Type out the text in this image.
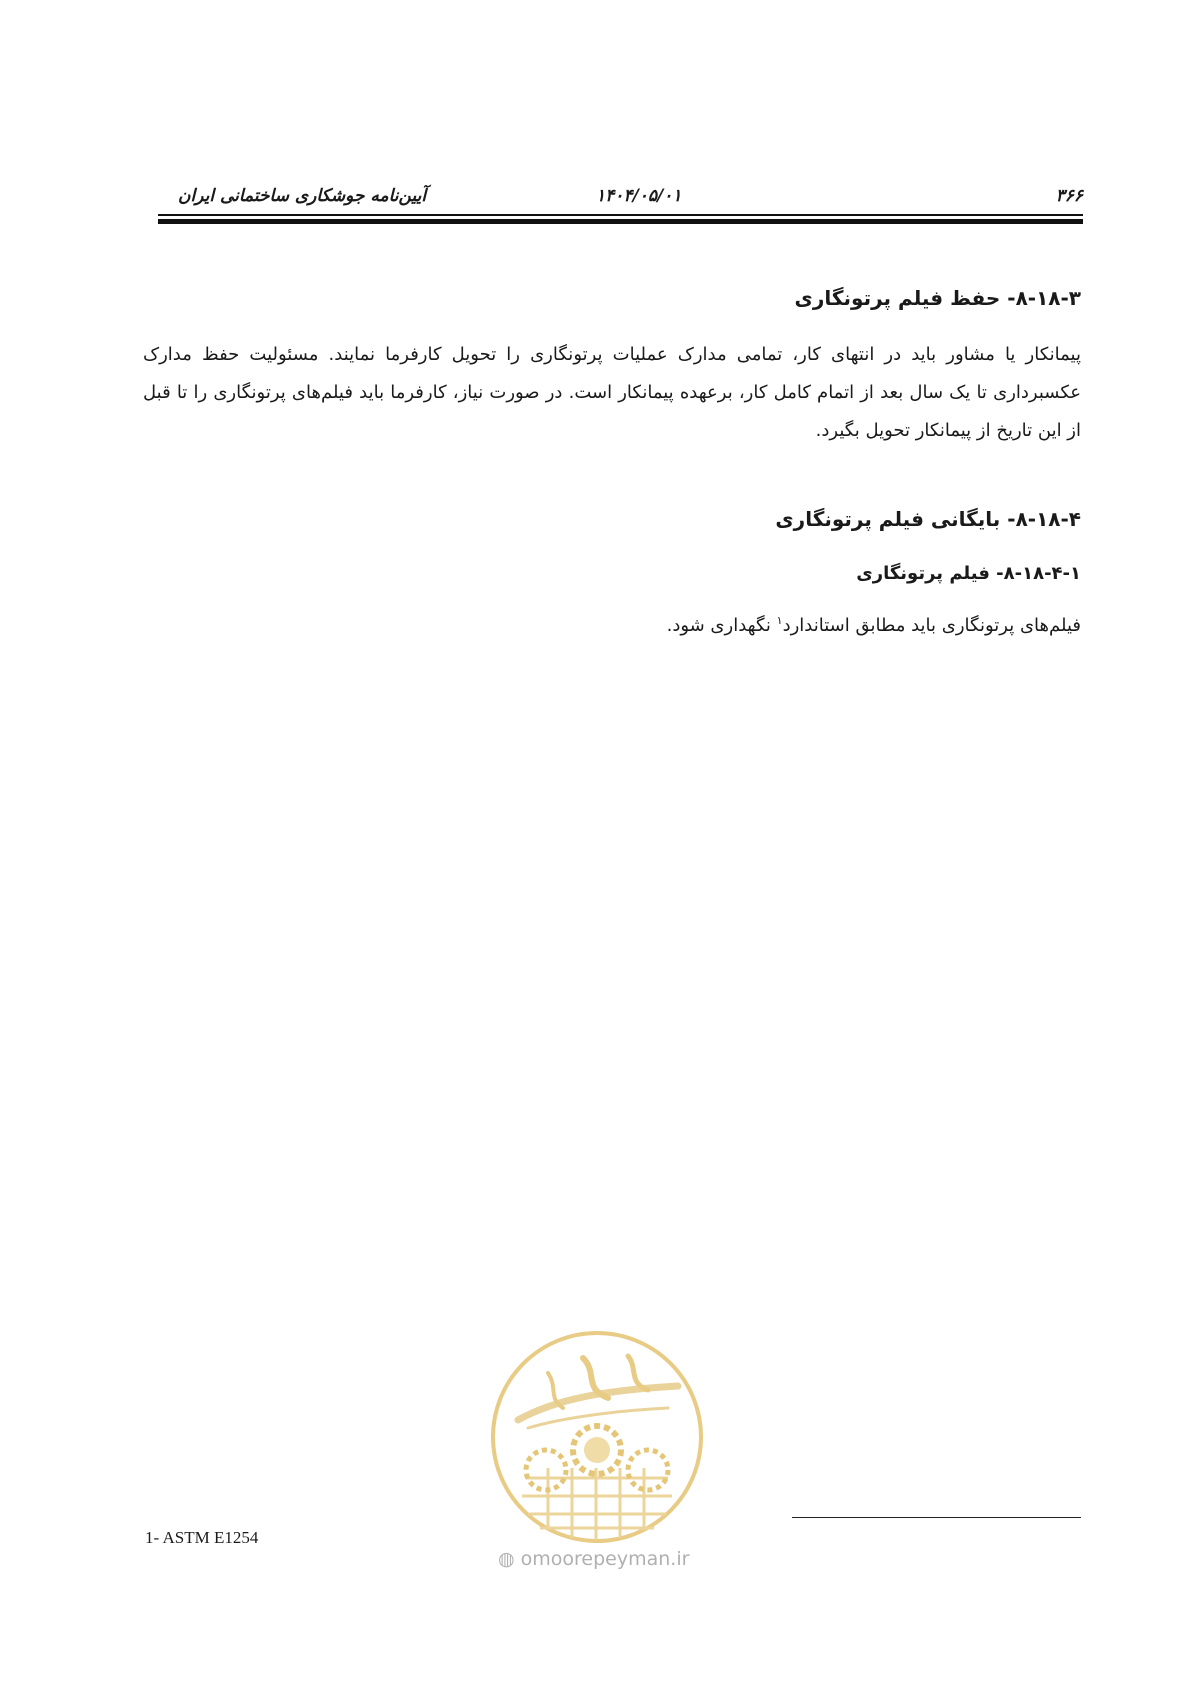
آیین‌نامه جوشکاری ساختمانی ایران	۱۴۰۴/۰۵/۰۱	۳۶۶
۸-۱۸-۳- حفظ فیلم پرتونگاری

پیمانکار یا مشاور باید در انتهای کار، تمامی مدارک عملیات پرتونگاری را تحویل کارفرما نمایند. مسئولیت حفظ مدارک عکسبرداری تا یک سال بعد از اتمام کامل کار، برعهده پیمانکار است. در صورت نیاز، کارفرما باید فیلم‌های پرتونگاری را تا قبل از این تاریخ از پیمانکار تحویل بگیرد.

۸-۱۸-۴- بایگانی فیلم پرتونگاری
۸-۱۸-۴-۱- فیلم پرتونگاری

فیلم‌های پرتونگاری باید مطابق استاندارد$^۱$ نگهداری شود.

◍ omoorepeyman.ir
1- ASTM E1254
